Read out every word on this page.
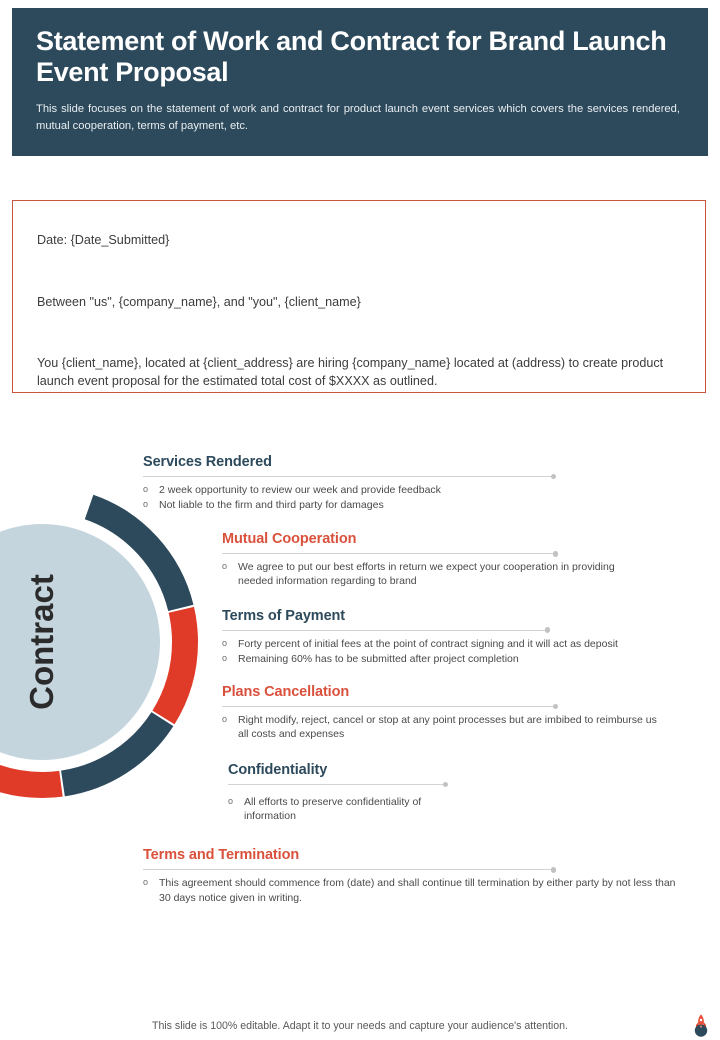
Statement of Work and Contract for Brand Launch Event Proposal
This slide focuses on the statement of work and contract for product launch event services which covers the services rendered, mutual cooperation, terms of payment, etc.
Date: {Date_Submitted}
Between "us", {company_name}, and "you", {client_name}
You {client_name}, located at {client_address} are hiring {company_name} located at (address) to create product launch event proposal for the estimated total cost of $XXXX as outlined.
Contract
Services Rendered
o	2 week opportunity to review our week and provide feedback
o	Not liable to the firm and third party for damages
Mutual Cooperation
o	We agree to put our best efforts in return we expect your cooperation in providing needed information regarding to brand
Terms of Payment
o	Forty percent of initial fees at the point of contract signing and it will act as deposit
o	Remaining 60% has to be submitted after project completion
Plans Cancellation
o	Right modify, reject, cancel or stop at any point processes but are imbibed to reimburse us all costs and expenses
Confidentiality
o	All efforts to preserve confidentiality of information
Terms and Termination
o	This agreement should commence from (date) and shall continue till termination by either party by not less than 30 days notice given in writing.
This slide is 100% editable. Adapt it to your needs and capture your audience's attention.
